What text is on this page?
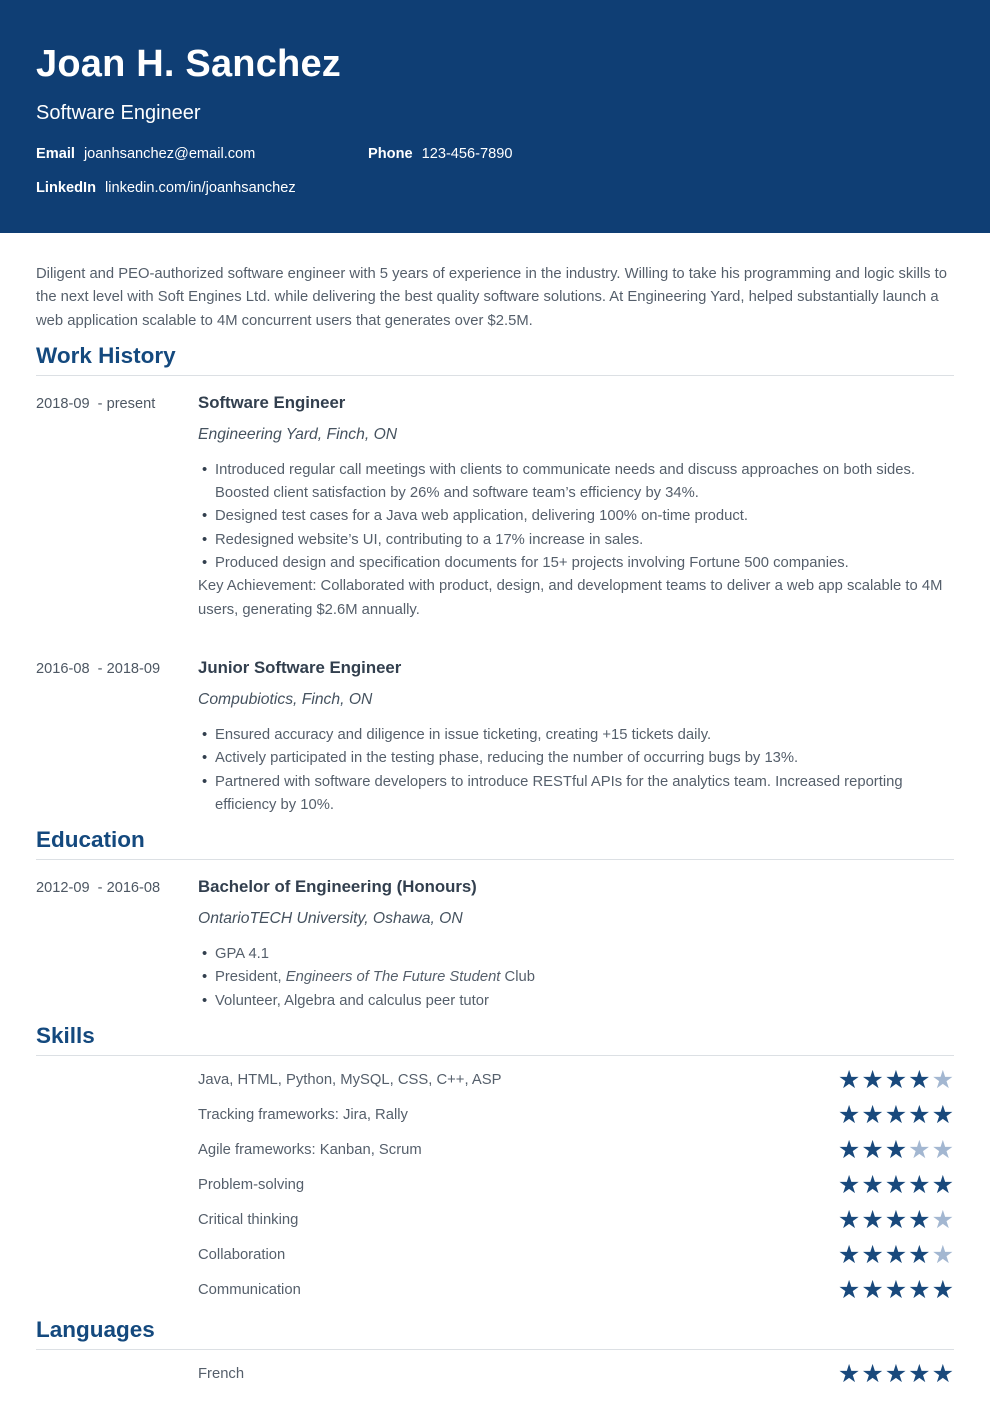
Joan H. Sanchez
Software Engineer
Email joanhsanchez@email.com	Phone 123-456-7890
LinkedIn linkedin.com/in/joanhsanchez

Diligent and PEO-authorized software engineer with 5 years of experience in the industry. Willing to take his programming and logic skills to the next level with Soft Engines Ltd. while delivering the best quality software solutions. At Engineering Yard, helped substantially launch a web application scalable to 4M concurrent users that generates over $2.5M.

Work History
2018-09  - present	Software Engineer
Engineering Yard, Finch, ON
• Introduced regular call meetings with clients to communicate needs and discuss approaches on both sides. Boosted client satisfaction by 26% and software team’s efficiency by 34%.
• Designed test cases for a Java web application, delivering 100% on-time product.
• Redesigned website’s UI, contributing to a 17% increase in sales.
• Produced design and specification documents for 15+ projects involving Fortune 500 companies.

Key Achievement: Collaborated with product, design, and development teams to deliver a web app scalable to 4M users, generating $2.6M annually.

2016-08  - 2018-09	Junior Software Engineer
Compubiotics, Finch, ON
• Ensured accuracy and diligence in issue ticketing, creating +15 tickets daily.
• Actively participated in the testing phase, reducing the number of occurring bugs by 13%.
• Partnered with software developers to introduce RESTful APIs for the analytics team. Increased reporting efficiency by 10%.
Education
2012-09  - 2016-08	Bachelor of Engineering (Honours)
OntarioTECH University, Oshawa, ON
• GPA 4.1
• President, Engineers of The Future Student Club
• Volunteer, Algebra and calculus peer tutor
Skills
Java, HTML, Python, MySQL, CSS, C++, ASP	★ ★ ★ ★ ★
Tracking frameworks: Jira, Rally	★ ★ ★ ★ ★
Agile frameworks: Kanban, Scrum	★ ★ ★ ★ ★
Problem-solving	★ ★ ★ ★ ★
Critical thinking	★ ★ ★ ★ ★
Collaboration	★ ★ ★ ★ ★
Communication	★ ★ ★ ★ ★
Languages
French	★ ★ ★ ★ ★
